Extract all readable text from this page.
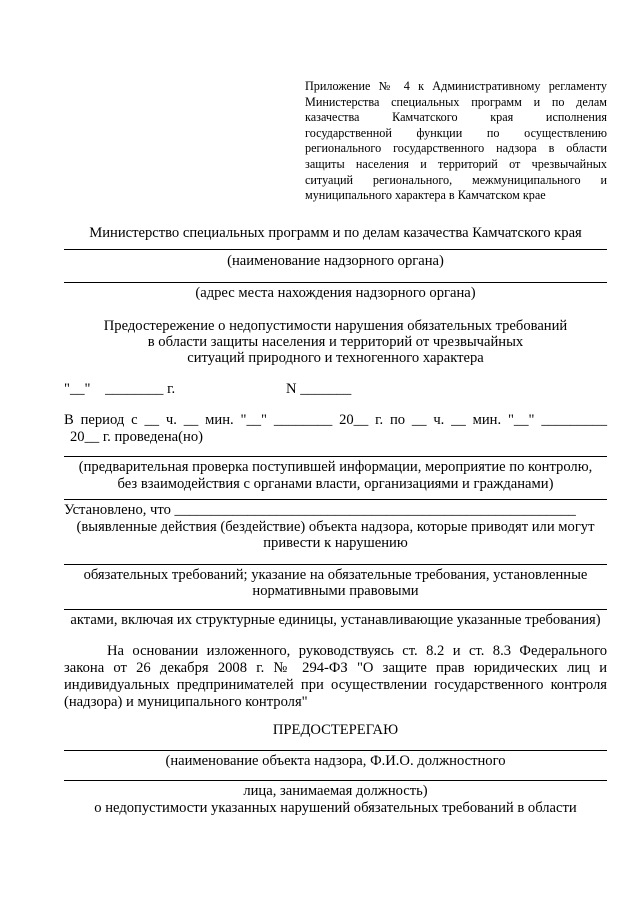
Приложение № 4 к Административному регламенту
Министерства специальных программ и по делам
казачества Камчатского края исполнения
государственной функции по осуществлению
регионального государственного надзора в области
защиты населения и территорий от чрезвычайных
ситуаций регионального, межмуниципального и
муниципального характера в Камчатском крае
Министерство специальных программ и по делам казачества Камчатского края
(наименование надзорного органа)
(адрес места нахождения надзорного органа)
Предостережение о недопустимости нарушения обязательных требований
в области защиты населения и территорий от чрезвычайных
ситуаций природного и техногенного характера
"__"    ________ г.	N _______
В период с __ ч. __ мин. "__" ________ 20__ г. по __ ч. __ мин. "__" _________
20__ г. проведена(но)
(предварительная проверка поступившей информации, мероприятие по контролю,
без взаимодействия с органами власти, организациями и гражданами)
Установлено, что _______________________________________________________
(выявленные действия (бездействие) объекта надзора, которые приводят или могут
привести к нарушению
обязательных требований; указание на обязательные требования, установленные
нормативными правовыми
актами, включая их структурные единицы, устанавливающие указанные требования)
На основании изложенного, руководствуясь ст. 8.2 и ст. 8.3 Федерального
закона от 26 декабря 2008 г. № 294-ФЗ "О защите прав юридических лиц и
индивидуальных предпринимателей при осуществлении государственного контроля
(надзора) и муниципального контроля"
ПРЕДОСТЕРЕГАЮ
(наименование объекта надзора, Ф.И.О. должностного
лица, занимаемая должность)
о недопустимости указанных нарушений обязательных требований в области
